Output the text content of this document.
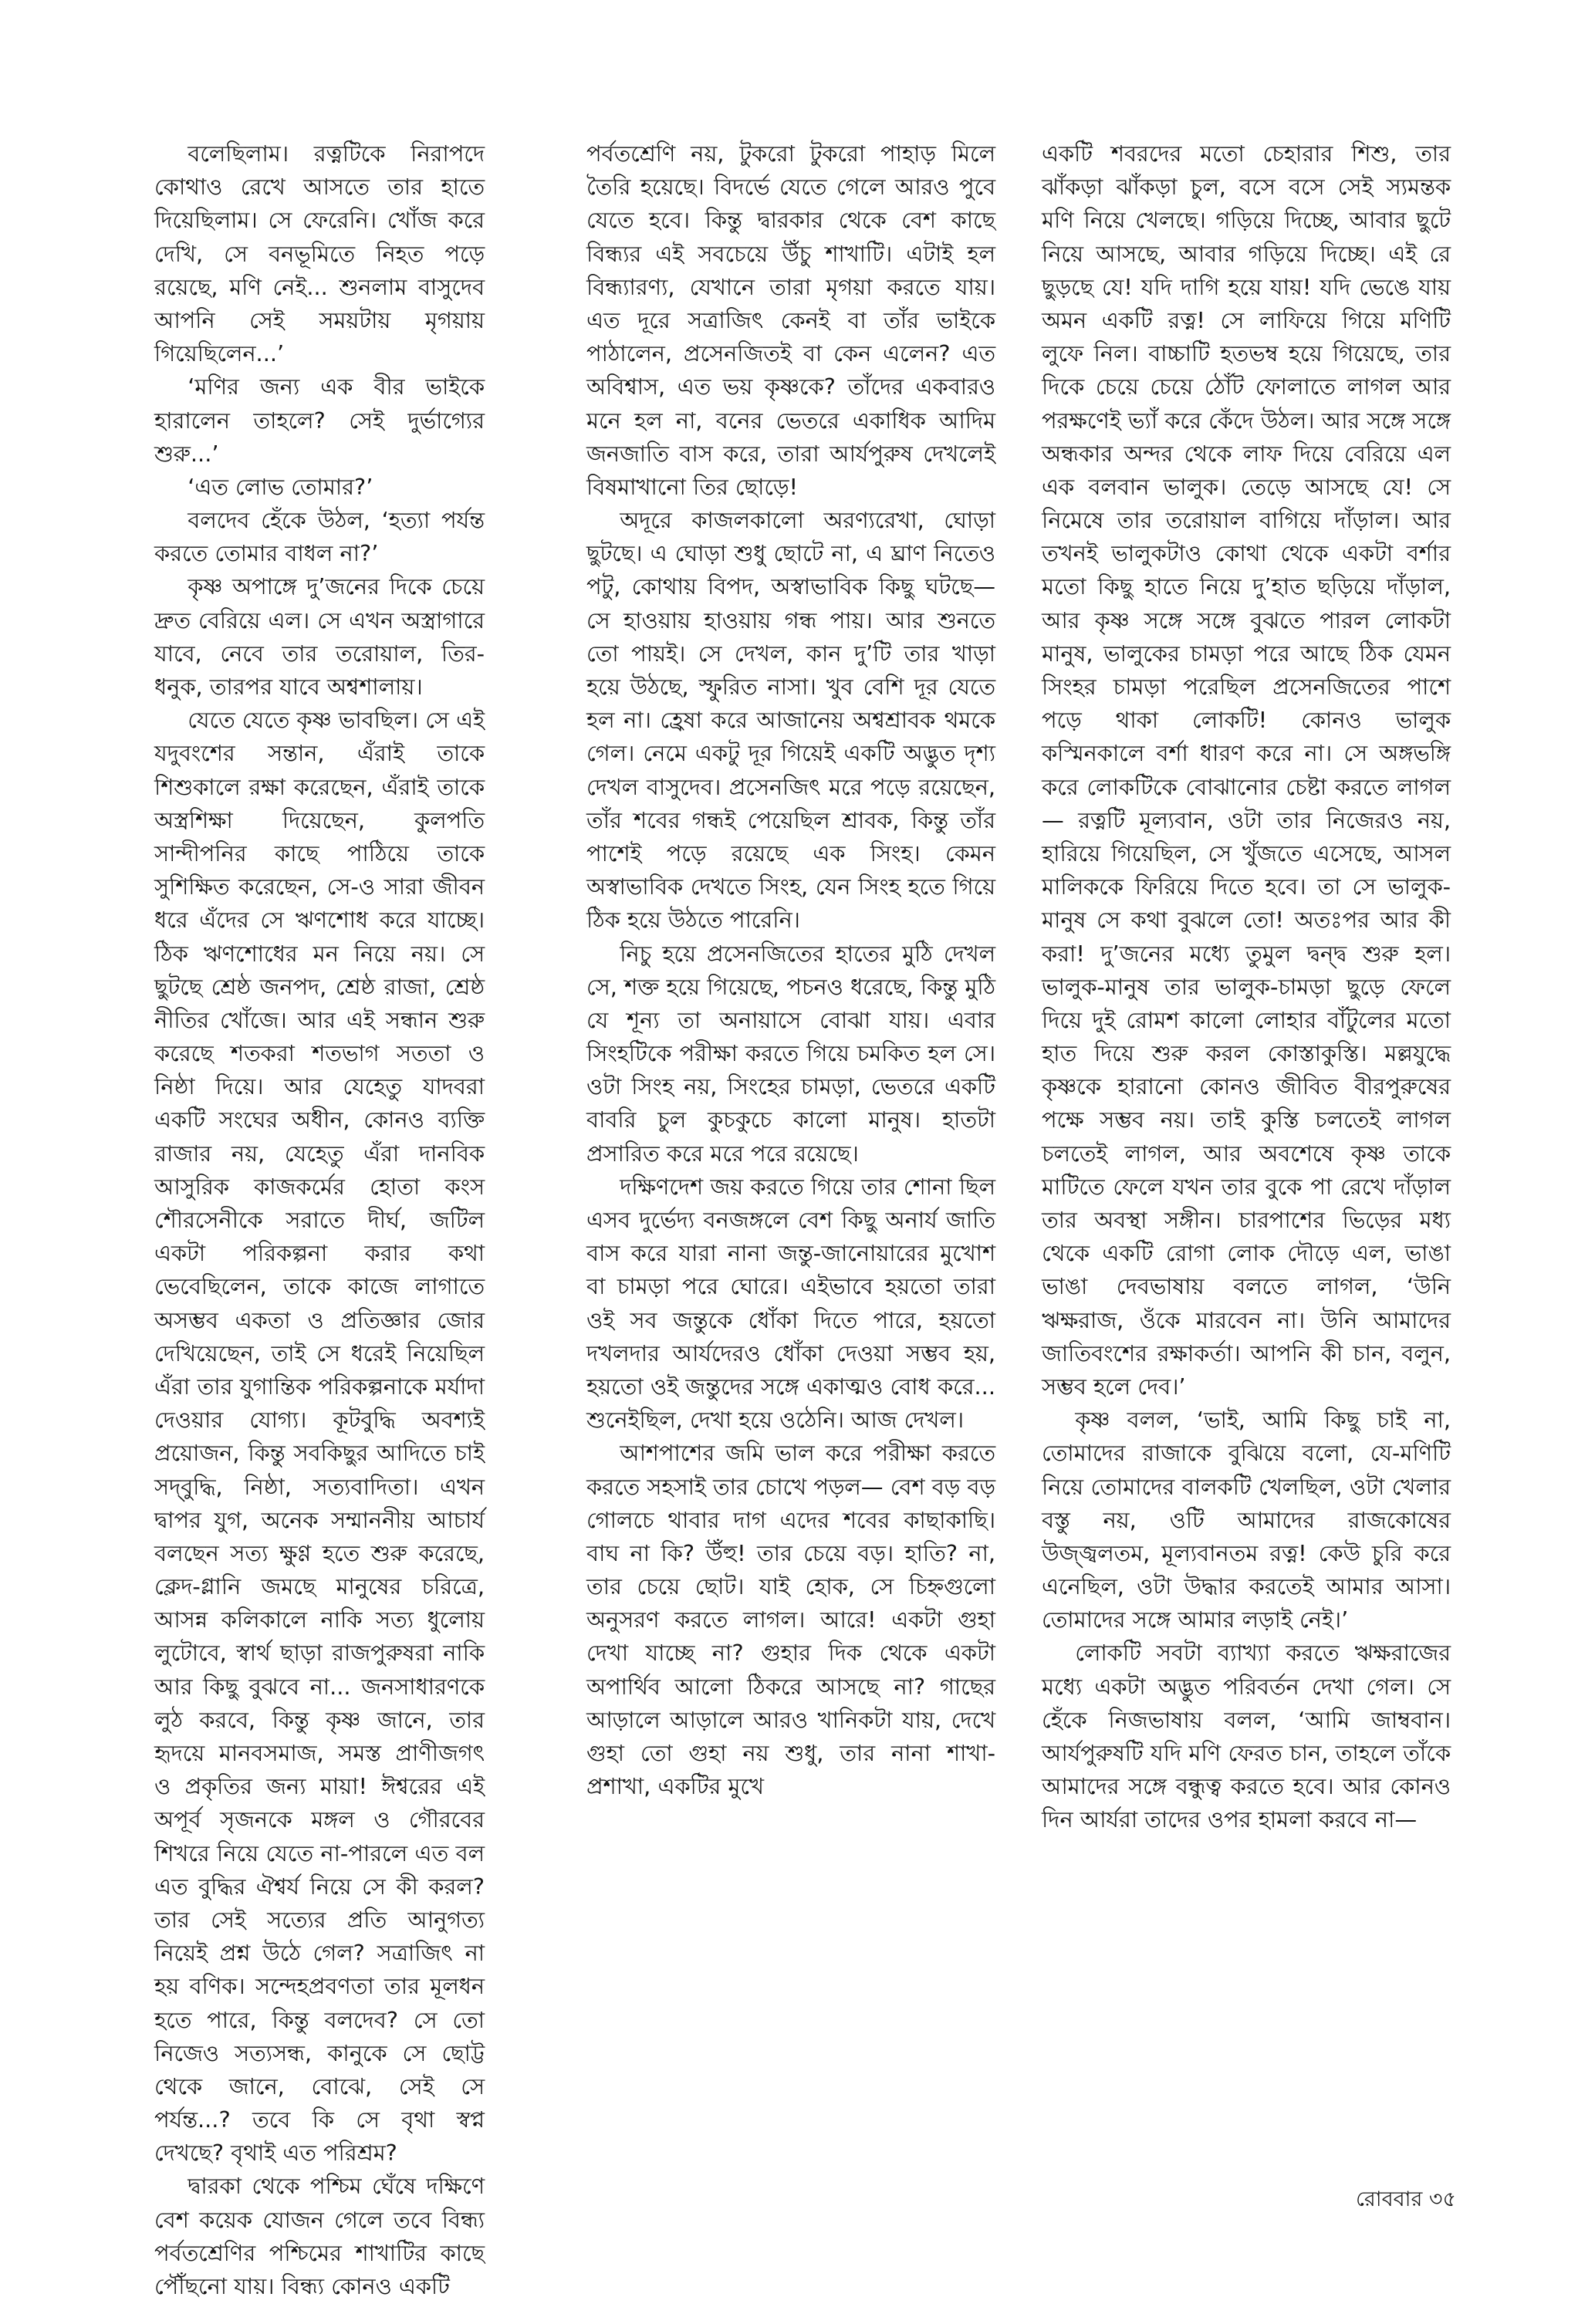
বলেছিলাম। রত্নটিকে নিরাপদে কোথাও রেখে আসতে তার হাতে দিয়েছিলাম। সে ফেরেনি। খোঁজ করে দেখি, সে বনভূমিতে নিহত পড়ে রয়েছে, মণি নেই... শুনলাম বাসুদেব আপনি সেই সময়টায় মৃগয়ায় গিয়েছিলেন...’

‘মণির জন্য এক বীর ভাইকে হারালেন তাহলে? সেই দুর্ভাগ্যের শুরু...’

‘এত লোভ তোমার?’

বলদেব হেঁকে উঠল, ‘হত্যা পর্যন্ত করতে তোমার বাধল না?’

কৃষ্ণ অপাঙ্গে দু’জনের দিকে চেয়ে দ্রুত বেরিয়ে এল। সে এখন অস্ত্রাগারে যাবে, নেবে তার তরোয়াল, তির-ধনুক, তারপর যাবে অশ্বশালায়।

যেতে যেতে কৃষ্ণ ভাবছিল। সে এই যদুবংশের সন্তান, এঁরাই তাকে শিশুকালে রক্ষা করেছেন, এঁরাই তাকে অস্ত্রশিক্ষা দিয়েছেন, কুলপতি সান্দীপনির কাছে পাঠিয়ে তাকে সুশিক্ষিত করেছেন, সে-ও সারা জীবন ধরে এঁদের সে ঋণশোধ করে যাচ্ছে। ঠিক ঋণশোধের মন নিয়ে নয়। সে ছুটছে শ্রেষ্ঠ জনপদ, শ্রেষ্ঠ রাজা, শ্রেষ্ঠ নীতির খোঁজে। আর এই সন্ধান শুরু করেছে শতকরা শতভাগ সততা ও নিষ্ঠা দিয়ে। আর যেহেতু যাদবরা একটি সংঘের অধীন, কোনও ব্যক্তি রাজার নয়, যেহেতু এঁরা দানবিক আসুরিক কাজকর্মের হোতা কংস শৌরসেনীকে সরাতে দীর্ঘ, জটিল একটা পরিকল্পনা করার কথা ভেবেছিলেন, তাকে কাজে লাগাতে অসম্ভব একতা ও প্রতিজ্ঞার জোর দেখিয়েছেন, তাই সে ধরেই নিয়েছিল এঁরা তার যুগান্তিক পরিকল্পনাকে মর্যাদা দেওয়ার যোগ্য। কূটবুদ্ধি অবশ্যই প্রয়োজন, কিন্তু সবকিছুর আদিতে চাই সদ্‌বুদ্ধি, নিষ্ঠা, সত্যবাদিতা। এখন দ্বাপর যুগ, অনেক সম্মাননীয় আচার্য বলছেন সত্য ক্ষুণ্ণ হতে শুরু করেছে, ক্লেদ-গ্লানি জমছে মানুষের চরিত্রে, আসন্ন কলিকালে নাকি সত্য ধুলোয় লুটোবে, স্বার্থ ছাড়া রাজপুরুষরা নাকি আর কিছু বুঝবে না... জনসাধারণকে লুঠ করবে, কিন্তু কৃষ্ণ জানে, তার হৃদয়ে মানবসমাজ, সমস্ত প্রাণীজগৎ ও প্রকৃতির জন্য মায়া! ঈশ্বরের এই অপূর্ব সৃজনকে মঙ্গল ও গৌরবের শিখরে নিয়ে যেতে না-পারলে এত বল এত বুদ্ধির ঐশ্বর্য নিয়ে সে কী করল? তার সেই সত্যের প্রতি আনুগত্য নিয়েই প্রশ্ন উঠে গেল? সত্রাজিৎ না হয় বণিক। সন্দেহপ্রবণতা তার মূলধন হতে পারে, কিন্তু বলদেব? সে তো নিজেও সত্যসন্ধ, কানুকে সে ছোট্ট থেকে জানে, বোঝে, সেই সে পর্যন্ত...? তবে কি সে বৃথা স্বপ্ন দেখছে? বৃথাই এত পরিশ্রম?

দ্বারকা থেকে পশ্চিম ঘেঁষে দক্ষিণে বেশ কয়েক যোজন গেলে তবে বিন্ধ্য পর্বতশ্রেণির পশ্চিমের শাখাটির কাছে পৌঁছনো যায়। বিন্ধ্য কোনও একটি

পর্বতশ্রেণি নয়, টুকরো টুকরো পাহাড় মিলে তৈরি হয়েছে। বিদর্ভে যেতে গেলে আরও পুবে যেতে হবে। কিন্তু দ্বারকার থেকে বেশ কাছে বিন্ধ্যর এই সবচেয়ে উঁচু শাখাটি। এটাই হল বিন্ধ্যারণ্য, যেখানে তারা মৃগয়া করতে যায়। এত দূরে সত্রাজিৎ কেনই বা তাঁর ভাইকে পাঠালেন, প্রসেনজিতই বা কেন এলেন? এত অবিশ্বাস, এত ভয় কৃষ্ণকে? তাঁদের একবারও মনে হল না, বনের ভেতরে একাধিক আদিম জনজাতি বাস করে, তারা আর্যপুরুষ দেখলেই বিষমাখানো তির ছোড়ে!

অদূরে কাজলকালো অরণ্যরেখা, ঘোড়া ছুটছে। এ ঘোড়া শুধু ছোটে না, এ ঘ্রাণ নিতেও পটু, কোথায় বিপদ, অস্বাভাবিক কিছু ঘটছে— সে হাওয়ায় হাওয়ায় গন্ধ পায়। আর শুনতে তো পায়ই। সে দেখল, কান দু’টি তার খাড়া হয়ে উঠছে, স্ফুরিত নাসা। খুব বেশি দূর যেতে হল না। হ্রেষা করে আজানেয় অশ্বশ্রাবক থমকে গেল। নেমে একটু দূর গিয়েই একটি অদ্ভুত দৃশ্য দেখল বাসুদেব। প্রসেনজিৎ মরে পড়ে রয়েছেন, তাঁর শবের গন্ধই পেয়েছিল শ্রাবক, কিন্তু তাঁর পাশেই পড়ে রয়েছে এক সিংহ। কেমন অস্বাভাবিক দেখতে সিংহ, যেন সিংহ হতে গিয়ে ঠিক হয়ে উঠতে পারেনি।

নিচু হয়ে প্রসেনজিতের হাতের মুঠি দেখল সে, শক্ত হয়ে গিয়েছে, পচনও ধরেছে, কিন্তু মুঠি যে শূন্য তা অনায়াসে বোঝা যায়। এবার সিংহটিকে পরীক্ষা করতে গিয়ে চমকিত হল সে। ওটা সিংহ নয়, সিংহের চামড়া, ভেতরে একটি বাবরি চুল কুচকুচে কালো মানুষ। হাতটা প্রসারিত করে মরে পরে রয়েছে।

দক্ষিণদেশ জয় করতে গিয়ে তার শোনা ছিল এসব দুর্ভেদ্য বনজঙ্গলে বেশ কিছু অনার্য জাতি বাস করে যারা নানা জন্তু-জানোয়ারের মুখোশ বা চামড়া পরে ঘোরে। এইভাবে হয়তো তারা ওই সব জন্তুকে ধোঁকা দিতে পারে, হয়তো দখলদার আর্যদেরও ধোঁকা দেওয়া সম্ভব হয়, হয়তো ওই জন্তুদের সঙ্গে একাত্মও বোধ করে... শুনেইছিল, দেখা হয়ে ওঠেনি। আজ দেখল।

আশপাশের জমি ভাল করে পরীক্ষা করতে করতে সহসাই তার চোখে পড়ল— বেশ বড় বড় গোলচে থাবার দাগ এদের শবের কাছাকাছি। বাঘ না কি? উঁহু! তার চেয়ে বড়। হাতি? না, তার চেয়ে ছোট। যাই হোক, সে চিহ্নগুলো অনুসরণ করতে লাগল। আরে! একটা গুহা দেখা যাচ্ছে না? গুহার দিক থেকে একটা অপার্থিব আলো ঠিকরে আসছে না? গাছের আড়ালে আড়ালে আরও খানিকটা যায়, দেখে গুহা তো গুহা নয় শুধু, তার নানা শাখা-প্রশাখা, একটির মুখে

একটি শবরদের মতো চেহারার শিশু, তার ঝাঁকড়া ঝাঁকড়া চুল, বসে বসে সেই স্যমন্তক মণি নিয়ে খেলছে। গড়িয়ে দিচ্ছে, আবার ছুটে নিয়ে আসছে, আবার গড়িয়ে দিচ্ছে। এই রে ছুড়ছে যে! যদি দাগি হয়ে যায়! যদি ভেঙে যায় অমন একটি রত্ন! সে লাফিয়ে গিয়ে মণিটি লুফে নিল। বাচ্চাটি হতভম্ব হয়ে গিয়েছে, তার দিকে চেয়ে চেয়ে ঠোঁট ফোলাতে লাগল আর পরক্ষণেই ভ্যাঁ করে কেঁদে উঠল। আর সঙ্গে সঙ্গে অন্ধকার অন্দর থেকে লাফ দিয়ে বেরিয়ে এল এক বলবান ভালুক। তেড়ে আসছে যে! সে নিমেষে তার তরোয়াল বাগিয়ে দাঁড়াল। আর তখনই ভালুকটাও কোথা থেকে একটা বর্শার মতো কিছু হাতে নিয়ে দু’হাত ছড়িয়ে দাঁড়াল, আর কৃষ্ণ সঙ্গে সঙ্গে বুঝতে পারল লোকটা মানুষ, ভালুকের চামড়া পরে আছে ঠিক যেমন সিংহর চামড়া পরেছিল প্রসেনজিতের পাশে পড়ে থাকা লোকটি! কোনও ভালুক কস্মিনকালে বর্শা ধারণ করে না। সে অঙ্গভঙ্গি করে লোকটিকে বোঝানোর চেষ্টা করতে লাগল— রত্নটি মূল্যবান, ওটা তার নিজেরও নয়, হারিয়ে গিয়েছিল, সে খুঁজতে এসেছে, আসল মালিককে ফিরিয়ে দিতে হবে। তা সে ভালুক-মানুষ সে কথা বুঝলে তো! অতঃপর আর কী করা! দু’জনের মধ্যে তুমুল দ্বন্দ্ব শুরু হল। ভালুক-মানুষ তার ভালুক-চামড়া ছুড়ে ফেলে দিয়ে দুই রোমশ কালো লোহার বাঁটুলের মতো হাত দিয়ে শুরু করল কোস্তাকুস্তি। মল্লযুদ্ধে কৃষ্ণকে হারানো কোনও জীবিত বীরপুরুষের পক্ষে সম্ভব নয়। তাই কুস্তি চলতেই লাগল চলতেই লাগল, আর অবশেষে কৃষ্ণ তাকে মাটিতে ফেলে যখন তার বুকে পা রেখে দাঁড়াল তার অবস্থা সঙ্গীন। চারপাশের ভিড়ের মধ্য থেকে একটি রোগা লোক দৌড়ে এল, ভাঙা ভাঙা দেবভাষায় বলতে লাগল, ‘উনি ঋক্ষরাজ, ওঁকে মারবেন না। উনি আমাদের জাতিবংশের রক্ষাকর্তা। আপনি কী চান, বলুন, সম্ভব হলে দেব।’

কৃষ্ণ বলল, ‘ভাই, আমি কিছু চাই না, তোমাদের রাজাকে বুঝিয়ে বলো, যে-মণিটি নিয়ে তোমাদের বালকটি খেলছিল, ওটা খেলার বস্তু নয়, ওটি আমাদের রাজকোষের উজ্জ্বলতম, মূল্যবানতম রত্ন! কেউ চুরি করে এনেছিল, ওটা উদ্ধার করতেই আমার আসা। তোমাদের সঙ্গে আমার লড়াই নেই।’

লোকটি সবটা ব্যাখ্যা করতে ঋক্ষরাজের মধ্যে একটা অদ্ভুত পরিবর্তন দেখা গেল। সে হেঁকে নিজভাষায় বলল, ‘আমি জাম্ববান। আর্যপুরুষটি যদি মণি ফেরত চান, তাহলে তাঁকে আমাদের সঙ্গে বন্ধুত্ব করতে হবে। আর কোনও দিন আর্যরা তাদের ওপর হামলা করবে না—

রোববার ৩৫
